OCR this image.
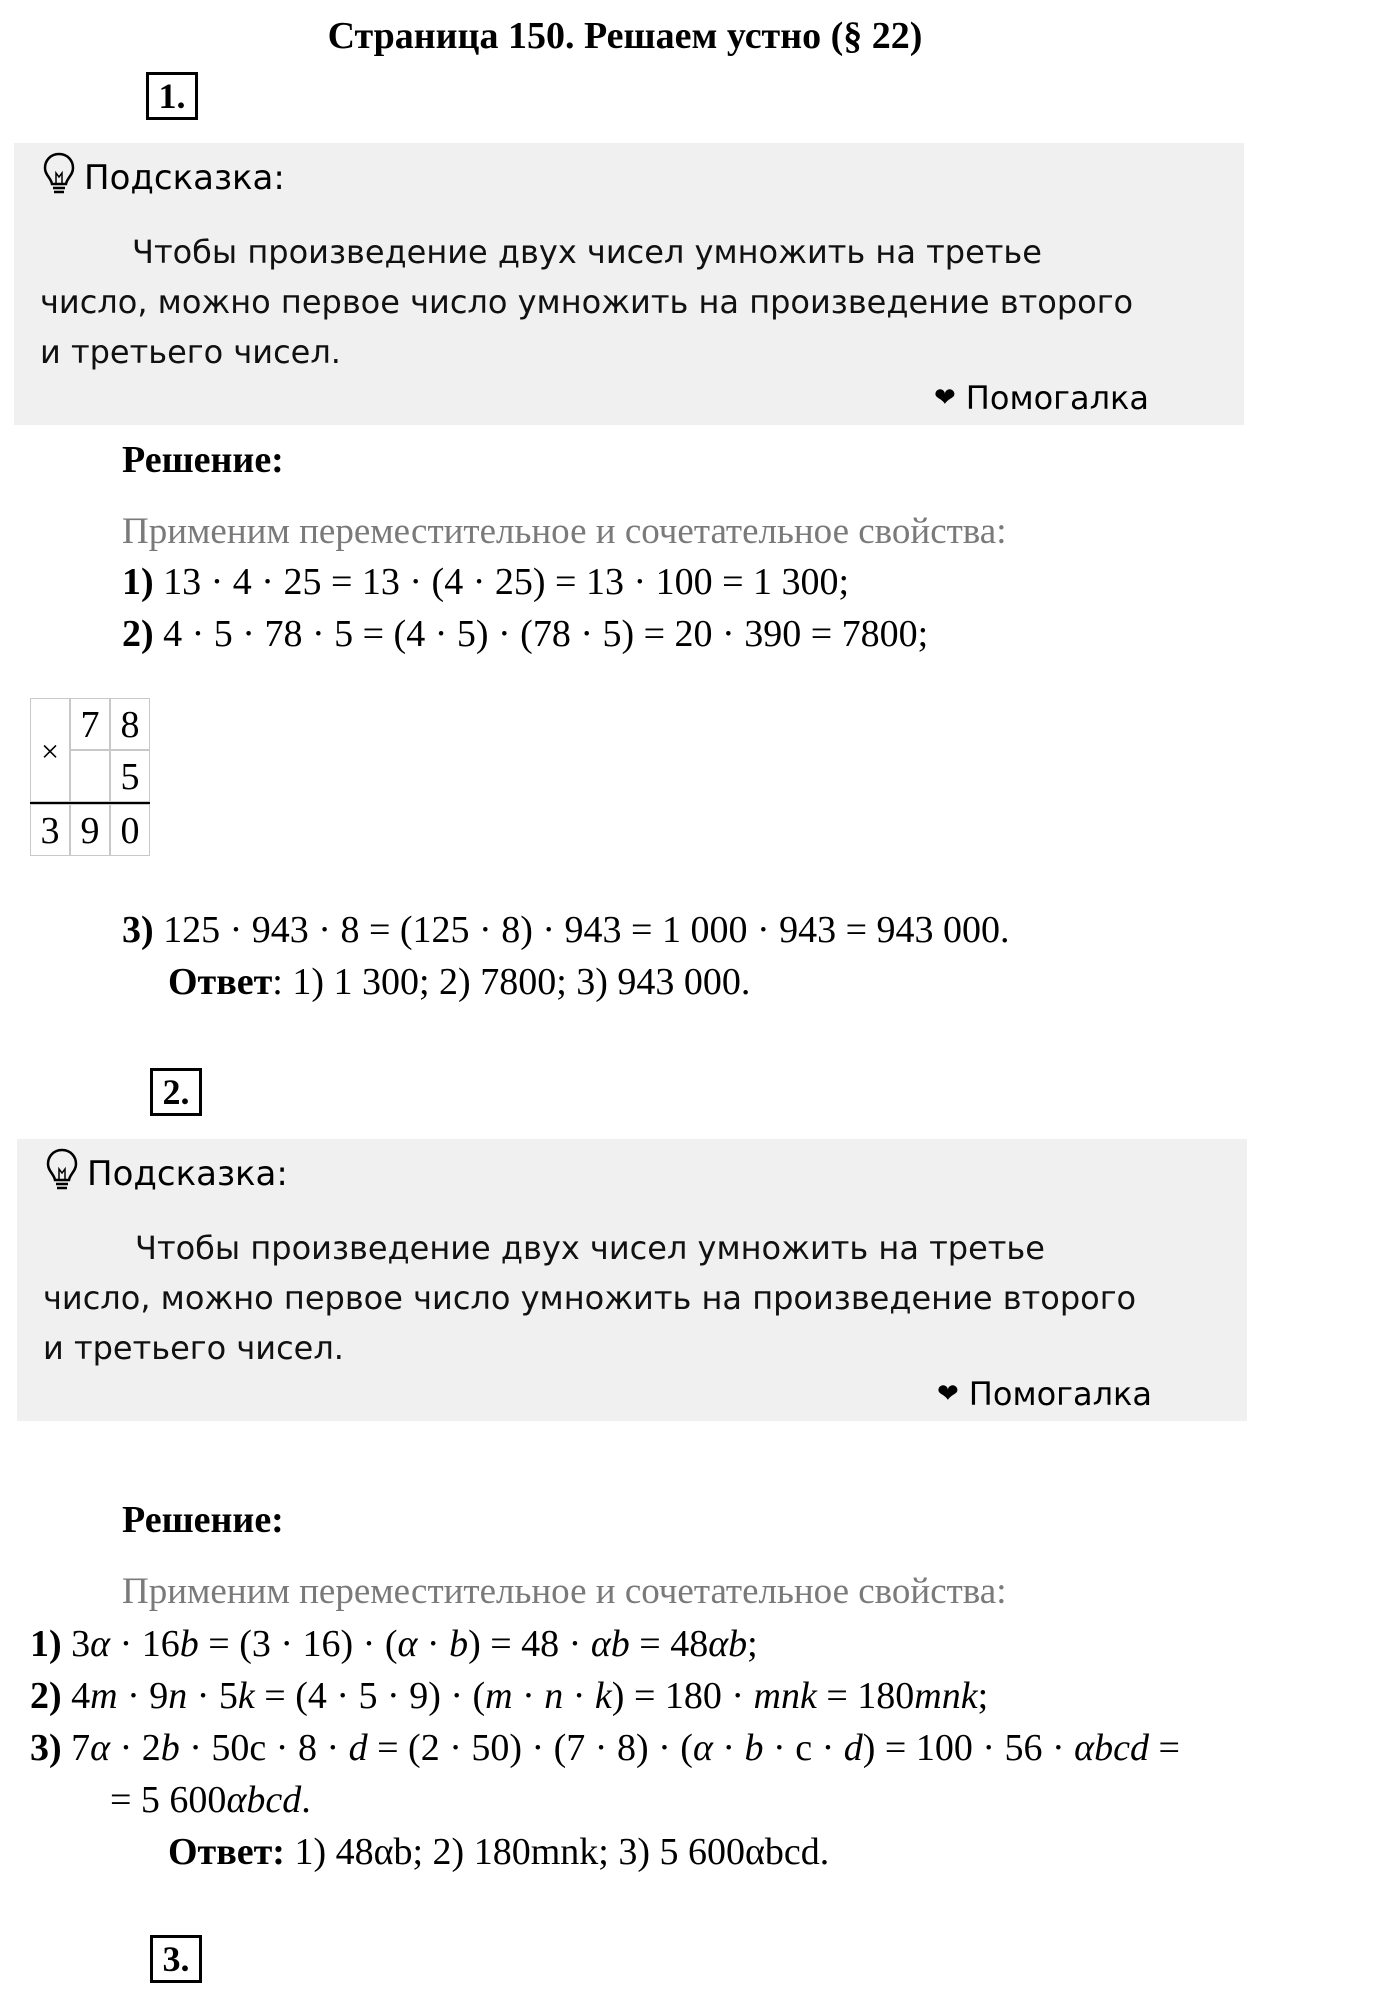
Страница 150. Решаем устно (§ 22)
1.
Подсказка:
Чтобы произведение двух чисел умножить на третье
число, можно первое число умножить на произведение второго
и третьего чисел.
❤ Помогалка
Решение:
Применим переместительное и сочетательное свойства:
1) 13 · 4 · 25 = 13 · (4 · 25) = 13 · 100 = 1 300;
2) 4 · 5 · 78 · 5 = (4 · 5) · (78 · 5) = 20 · 390 = 7800;
×
7 8
5
3 9 0
3) 125 · 943 · 8 = (125 · 8) · 943 = 1 000 · 943 = 943 000.
Ответ: 1) 1 300; 2) 7800; 3) 943 000.
2.
Подсказка:
Чтобы произведение двух чисел умножить на третье
число, можно первое число умножить на произведение второго
и третьего чисел.
❤ Помогалка
Решение:
Применим переместительное и сочетательное свойства:
1) 3α · 16b = (3 · 16) · (α · b) = 48 · αb = 48αb;
2) 4m · 9n · 5k = (4 · 5 · 9) · (m · n · k) = 180 · mnk = 180mnk;
3) 7α · 2b · 50c · 8 · d = (2 · 50) · (7 · 8) · (α · b · c · d) = 100 · 56 · αbcd =
= 5 600αbcd.
Ответ: 1) 48αb; 2) 180mnk; 3) 5 600αbcd.
3.
